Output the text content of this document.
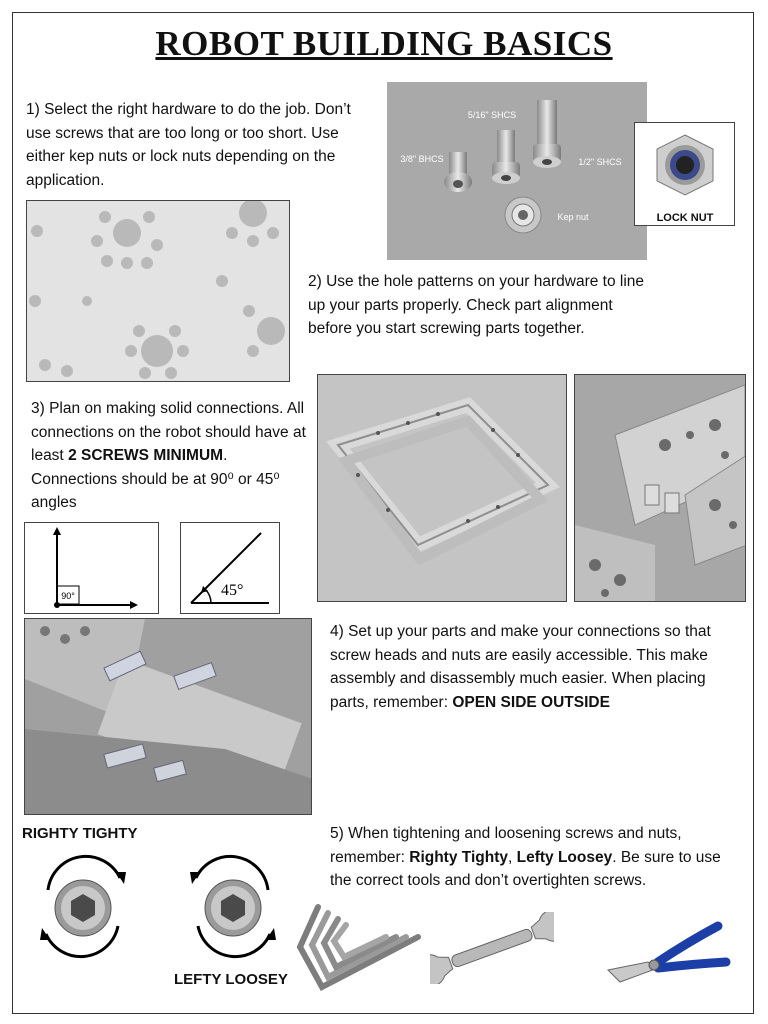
ROBOT BUILDING BASICS
1) Select the right hardware to do the job. Don’t use screws that are too long or too short. Use either kep nuts or lock nuts depending on the application.
3/8" BHCS
5/16" SHCS
1/2" SHCS
Kep nut	LOCK NUT
2) Use the hole patterns on your hardware to line up your parts properly. Check part alignment before you start screwing parts together.
3) Plan on making solid connections. All connections on the robot should have at least 2 SCREWS MINIMUM. Connections should be at 90⁰ or 45⁰ angles
90°	45°
4) Set up your parts and make your connections so that screw heads and nuts are easily accessible. This make assembly and disassembly much easier. When placing parts, remember: OPEN SIDE OUTSIDE
RIGHTY TIGHTY
LEFTY LOOSEY
5) When tightening and loosening screws and nuts, remember: Righty Tighty, Lefty Loosey. Be sure to use the correct tools and don’t overtighten screws.
